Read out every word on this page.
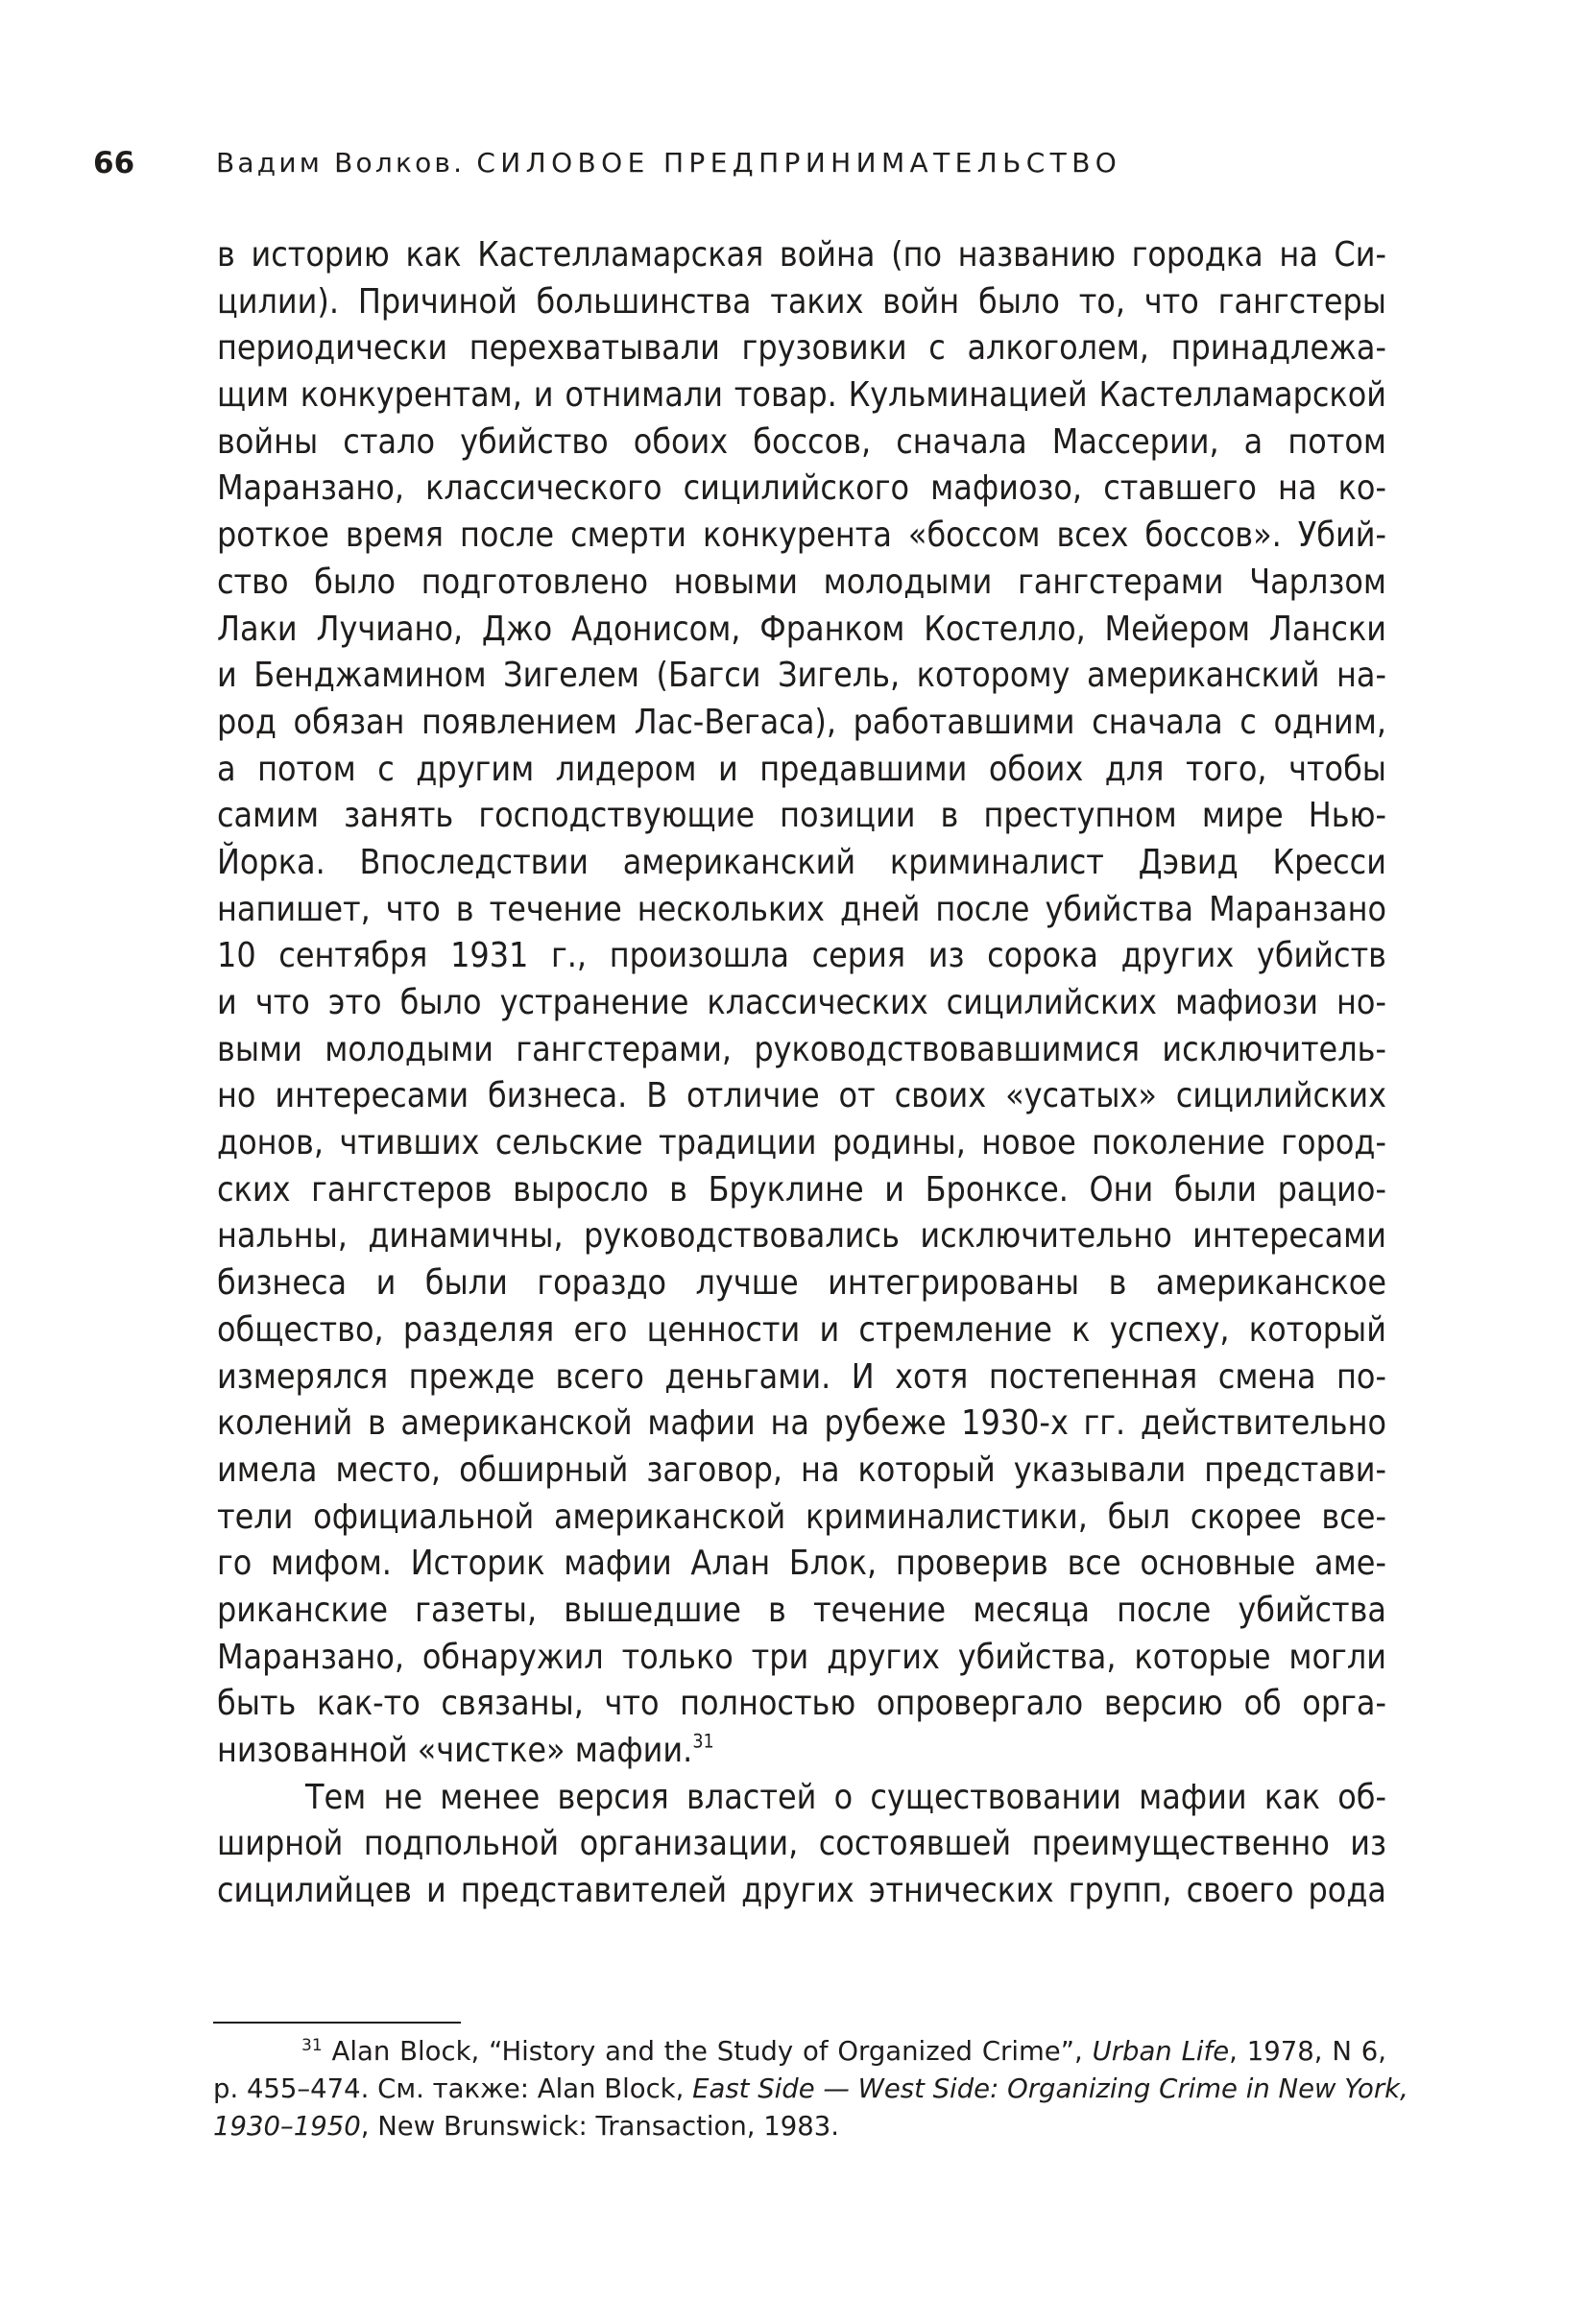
66	Вадим Волков. СИЛОВОЕ ПРЕДПРИНИМАТЕЛЬСТВО
в историю как Кастелламарская война (по названию городка на Си-
цилии). Причиной большинства таких войн было то, что гангстеры
периодически перехватывали грузовики с алкоголем, принадлежа-
щим конкурентам, и отнимали товар. Кульминацией Кастелламарской
войны стало убийство обоих боссов, сначала Массерии, а потом
Маранзано, классического сицилийского мафиозо, ставшего на ко-
роткое время после смерти конкурента «боссом всех боссов». Убий-
ство было подготовлено новыми молодыми гангстерами Чарлзом
Лаки Лучиано, Джо Адонисом, Франком Костелло, Мейером Лански
и Бенджамином Зигелем (Багси Зигель, которому американский на-
род обязан появлением Лас-Вегаса), работавшими сначала с одним,
а потом с другим лидером и предавшими обоих для того, чтобы
самим занять господствующие позиции в преступном мире Нью-
Йорка. Впоследствии американский криминалист Дэвид Кресси
напишет, что в течение нескольких дней после убийства Маранзано
10 сентября 1931 г., произошла серия из сорока других убийств
и что это было устранение классических сицилийских мафиози но-
выми молодыми гангстерами, руководствовавшимися исключитель-
но интересами бизнеса. В отличие от своих «усатых» сицилийских
донов, чтивших сельские традиции родины, новое поколение город-
ских гангстеров выросло в Бруклине и Бронксе. Они были рацио-
нальны, динамичны, руководствовались исключительно интересами
бизнеса и были гораздо лучше интегрированы в американское
общество, разделяя его ценности и стремление к успеху, который
измерялся прежде всего деньгами. И хотя постепенная смена по-
колений в американской мафии на рубеже 1930-х гг. действительно
имела место, обширный заговор, на который указывали представи-
тели официальной американской криминалистики, был скорее все-
го мифом. Историк мафии Алан Блок, проверив все основные аме-
риканские газеты, вышедшие в течение месяца после убийства
Маранзано, обнаружил только три других убийства, которые могли
быть как-то связаны, что полностью опровергало версию об орга-
низованной «чистке» мафии.$^{31}$
Тем не менее версия властей о существовании мафии как об-
ширной подпольной организации, состоявшей преимущественно из
сицилийцев и представителей других этнических групп, своего рода
$^{31}$ Alan Block, “History and the Study of Organized Crime”, Urban Life, 1978, N 6,
p. 455–474. См. также: Alan Block, East Side — West Side: Organizing Crime in New York,
1930–1950, New Brunswick: Transaction, 1983.
